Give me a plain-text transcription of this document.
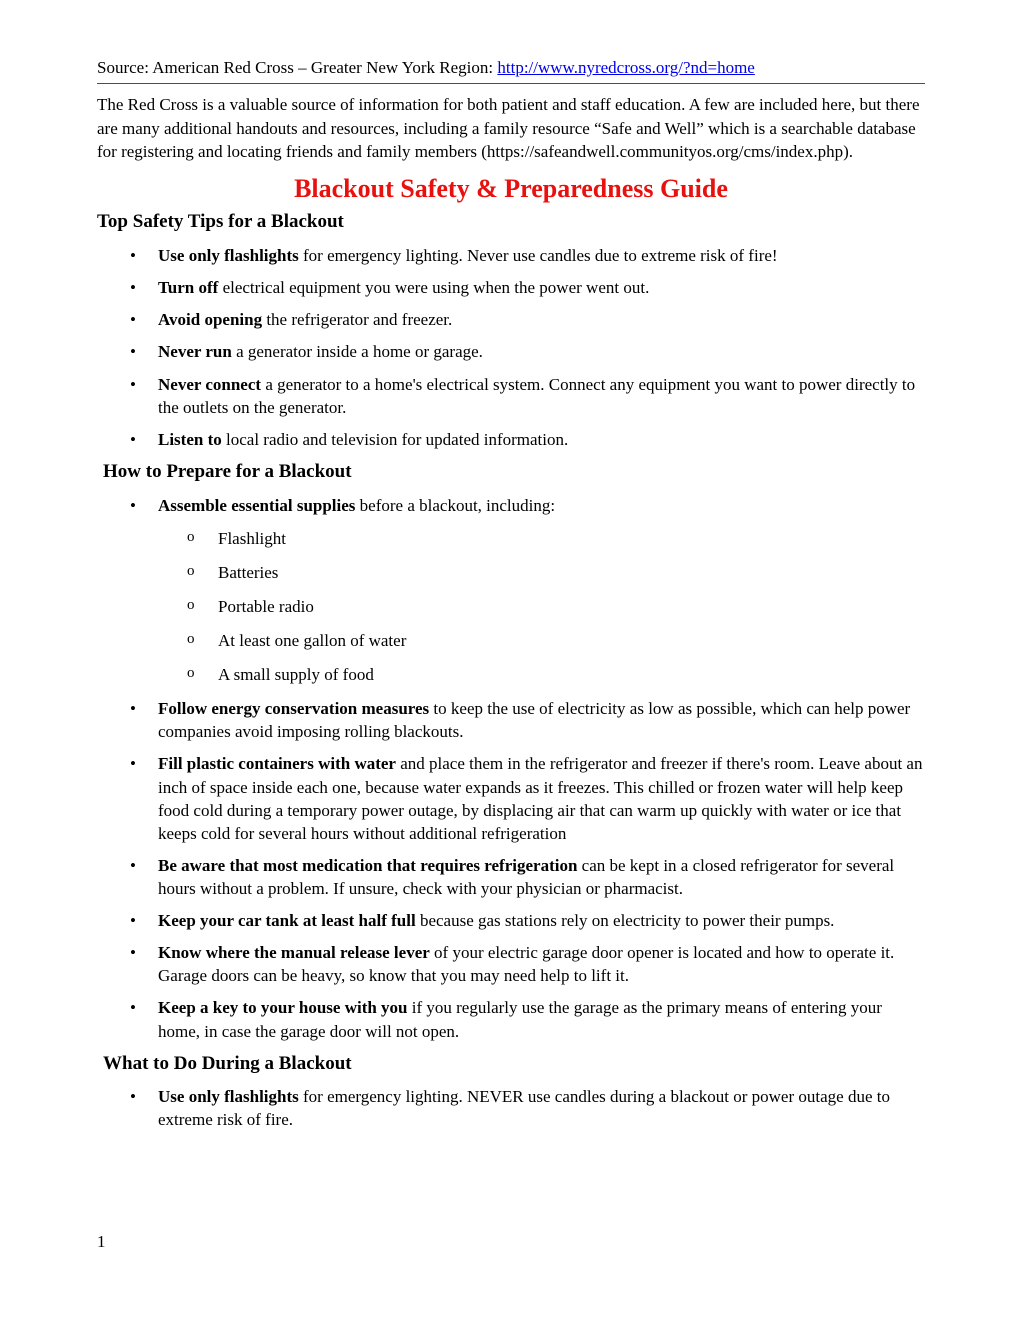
Source: American Red Cross – Greater New York Region: http://www.nyredcross.org/?nd=home

The Red Cross is a valuable source of information for both patient and staff education. A few are included here, but there are many additional handouts and resources, including a family resource “Safe and Well” which is a searchable database for registering and locating friends and family members (https://safeandwell.communityos.org/cms/index.php).

Blackout Safety & Preparedness Guide
Top Safety Tips for a Blackout
• Use only flashlights for emergency lighting. Never use candles due to extreme risk of fire!
• Turn off electrical equipment you were using when the power went out.
• Avoid opening the refrigerator and freezer.
• Never run a generator inside a home or garage.
• Never connect a generator to a home's electrical system. Connect any equipment you want to power directly to the outlets on the generator.
• Listen to local radio and television for updated information.
How to Prepare for a Blackout
• Assemble essential supplies before a blackout, including:
o Flashlight
o Batteries
o Portable radio
o At least one gallon of water
o A small supply of food
• Follow energy conservation measures to keep the use of electricity as low as possible, which can help power companies avoid imposing rolling blackouts.
• Fill plastic containers with water and place them in the refrigerator and freezer if there's room. Leave about an inch of space inside each one, because water expands as it freezes. This chilled or frozen water will help keep food cold during a temporary power outage, by displacing air that can warm up quickly with water or ice that keeps cold for several hours without additional refrigeration
• Be aware that most medication that requires refrigeration can be kept in a closed refrigerator for several hours without a problem. If unsure, check with your physician or pharmacist.
• Keep your car tank at least half full because gas stations rely on electricity to power their pumps.
• Know where the manual release lever of your electric garage door opener is located and how to operate it. Garage doors can be heavy, so know that you may need help to lift it.
• Keep a key to your house with you if you regularly use the garage as the primary means of entering your home, in case the garage door will not open.
What to Do During a Blackout
• Use only flashlights for emergency lighting. NEVER use candles during a blackout or power outage due to extreme risk of fire.
1
